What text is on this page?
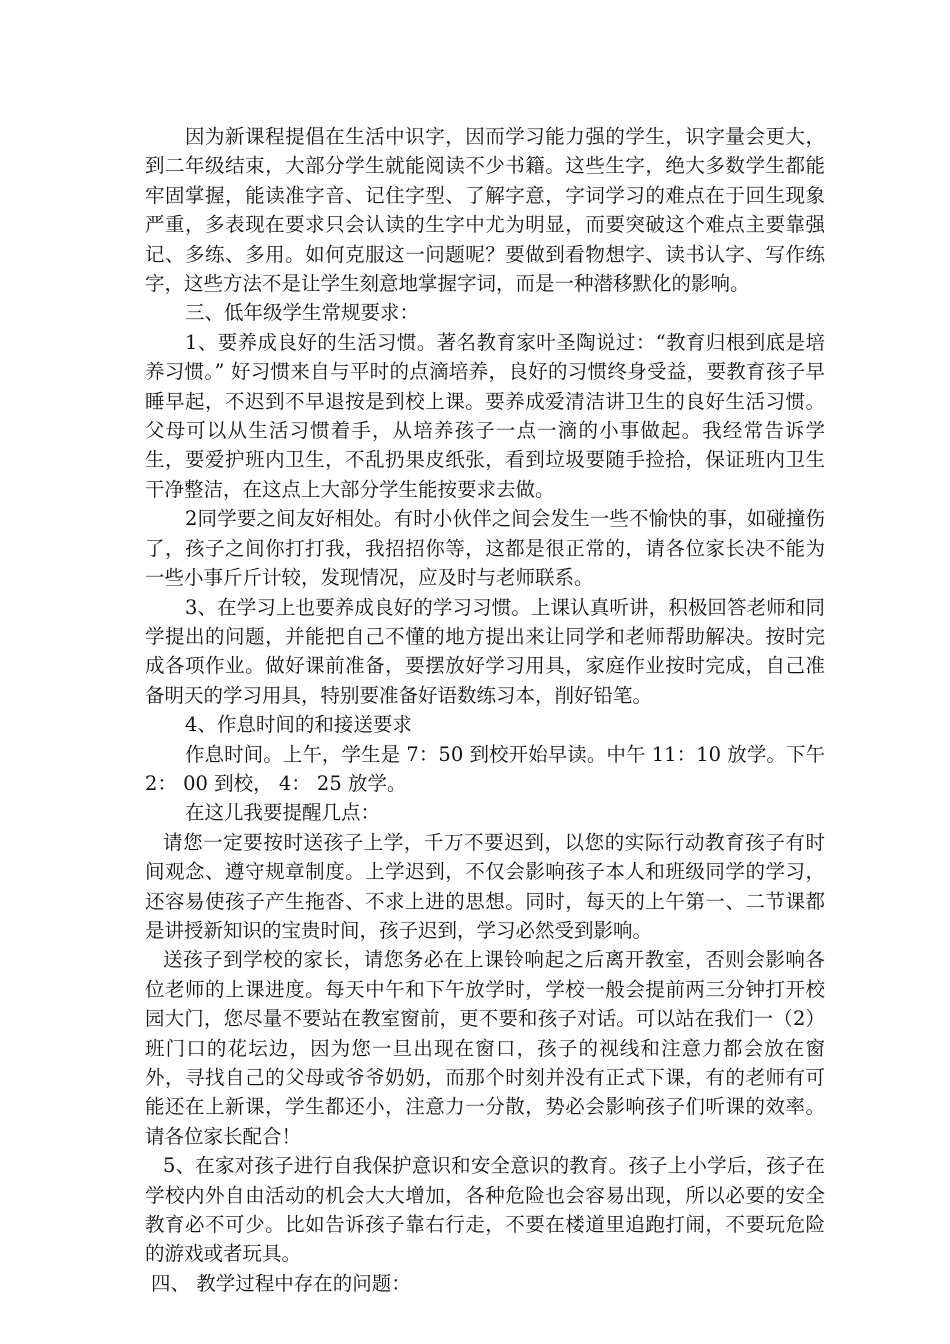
因为新课程提倡在生活中识字，因而学习能力强的学生，识字量会更大，到二年级结束，大部分学生就能阅读不少书籍。这些生字，绝大多数学生都能牢固掌握，能读准字音、记住字型、了解字意，字词学习的难点在于回生现象严重，多表现在要求只会认读的生字中尤为明显，而要突破这个难点主要靠强记、多练、多用。如何克服这一问题呢？要做到看物想字、读书认字、写作练字，这些方法不是让学生刻意地掌握字词，而是一种潜移默化的影响。

三、低年级学生常规要求：

1、要养成良好的生活习惯。著名教育家叶圣陶说过：“教育归根到底是培养习惯。” 好习惯来自与平时的点滴培养，良好的习惯终身受益，要教育孩子早睡早起，不迟到不早退按是到校上课。要养成爱清洁讲卫生的良好生活习惯。父母可以从生活习惯着手，从培养孩子一点一滴的小事做起。我经常告诉学生，要爱护班内卫生，不乱扔果皮纸张，看到垃圾要随手捡拾，保证班内卫生干净整洁，在这点上大部分学生能按要求去做。

2同学要之间友好相处。有时小伙伴之间会发生一些不愉快的事，如碰撞伤了，孩子之间你打打我，我招招你等，这都是很正常的，请各位家长决不能为一些小事斤斤计较，发现情况，应及时与老师联系。

3、在学习上也要养成良好的学习习惯。上课认真听讲，积极回答老师和同学提出的问题，并能把自己不懂的地方提出来让同学和老师帮助解决。按时完成各项作业。做好课前准备，要摆放好学习用具，家庭作业按时完成，自己准备明天的学习用具，特别要准备好语数练习本，削好铅笔。

4、作息时间的和接送要求

作息时间。上午，学生是 7：50 到校开始早读。中午 11：10 放学。下午 2： 00 到校， 4： 25 放学。

在这儿我要提醒几点：

请您一定要按时送孩子上学，千万不要迟到，以您的实际行动教育孩子有时间观念、遵守规章制度。上学迟到，不仅会影响孩子本人和班级同学的学习，还容易使孩子产生拖沓、不求上进的思想。同时，每天的上午第一、二节课都是讲授新知识的宝贵时间，孩子迟到，学习必然受到影响。

送孩子到学校的家长，请您务必在上课铃响起之后离开教室，否则会影响各位老师的上课进度。每天中午和下午放学时，学校一般会提前两三分钟打开校园大门，您尽量不要站在教室窗前，更不要和孩子对话。可以站在我们一（2）班门口的花坛边，因为您一旦出现在窗口，孩子的视线和注意力都会放在窗外，寻找自己的父母或爷爷奶奶，而那个时刻并没有正式下课，有的老师有可能还在上新课，学生都还小，注意力一分散，势必会影响孩子们听课的效率。请各位家长配合！

5、在家对孩子进行自我保护意识和安全意识的教育。孩子上小学后，孩子在学校内外自由活动的机会大大增加，各种危险也会容易出现，所以必要的安全教育必不可少。比如告诉孩子靠右行走，不要在楼道里追跑打闹，不要玩危险的游戏或者玩具。

四、 教学过程中存在的问题：
